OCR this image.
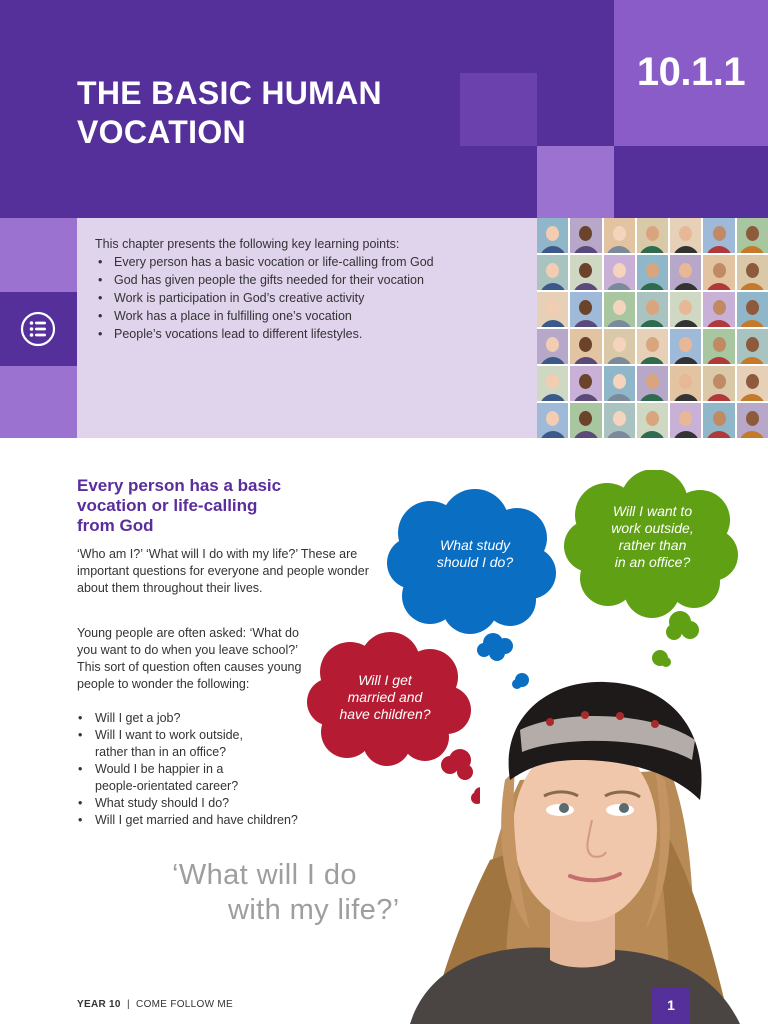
THE BASIC HUMAN
VOCATION
10.1.1

This chapter presents the following key learning points:

• Every person has a basic vocation or life-calling from God
• God has given people the gifts needed for their vocation
• Work is participation in God’s creative activity
• Work has a place in fulfilling one’s vocation
• People’s vocations lead to different lifestyles.
Every person has a basic
vocation or life-calling
from God

‘Who am I?’ ‘What will I do with my life?’ These are important questions for everyone and people wonder about them throughout their lives.

Young people are often asked: ‘What do you want to do when you leave school?’ This sort of question often causes young people to wonder the following:

• Will I get a job?
• Will I want to work outside, rather than in an office?
• Would I be happier in a people-orientated career?
• What study should I do?
• Will I get married and have children?
‘What will I do
with my life?’
What study
should I do?
Will I want to
work outside,
rather than
in an office?
Will I get
married and
have children?
YEAR 10 | COME FOLLOW ME	1
